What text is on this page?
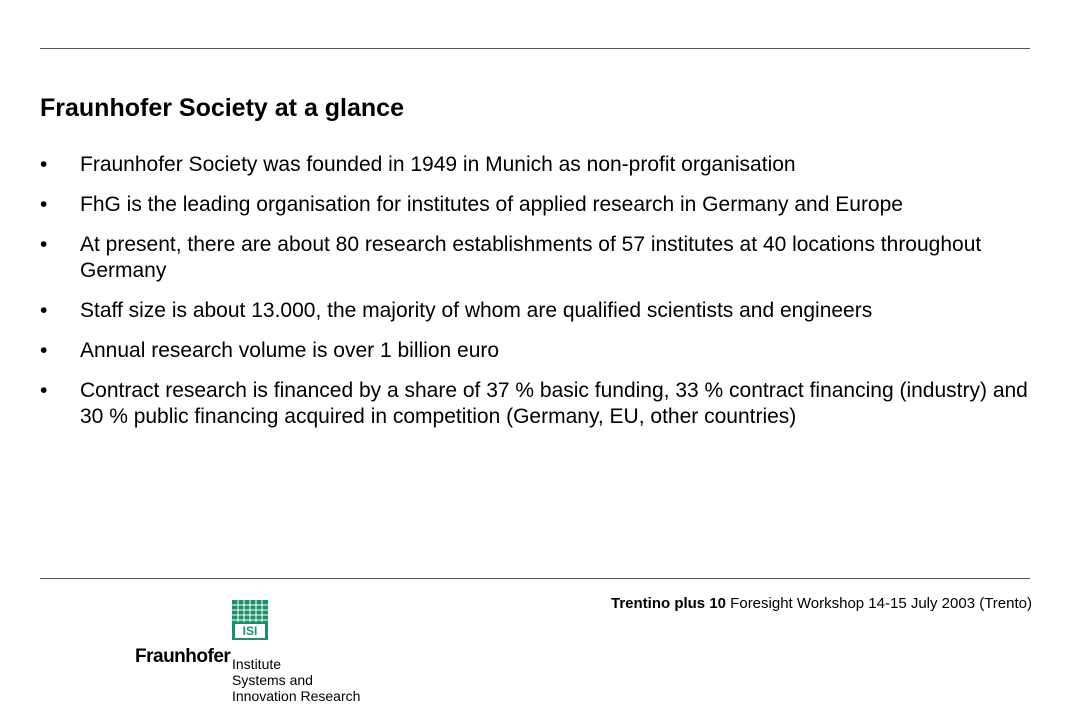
Fraunhofer Society at a glance
• Fraunhofer Society was founded in 1949 in Munich as non-profit organisation
• FhG is the leading organisation for institutes of applied research in Germany and Europe
• At present, there are about 80 research establishments of 57 institutes at 40 locations throughout Germany
• Staff size is about 13.000, the majority of whom are qualified scientists and engineers
• Annual research volume is over 1 billion euro
• Contract research is financed by a share of 37 % basic funding, 33 % contract financing (industry) and 30 % public financing acquired in competition (Germany, EU, other countries)
Trentino plus 10 Foresight Workshop 14-15 July 2003 (Trento)
ISI
Fraunhofer Institute
Systems and
Innovation Research
